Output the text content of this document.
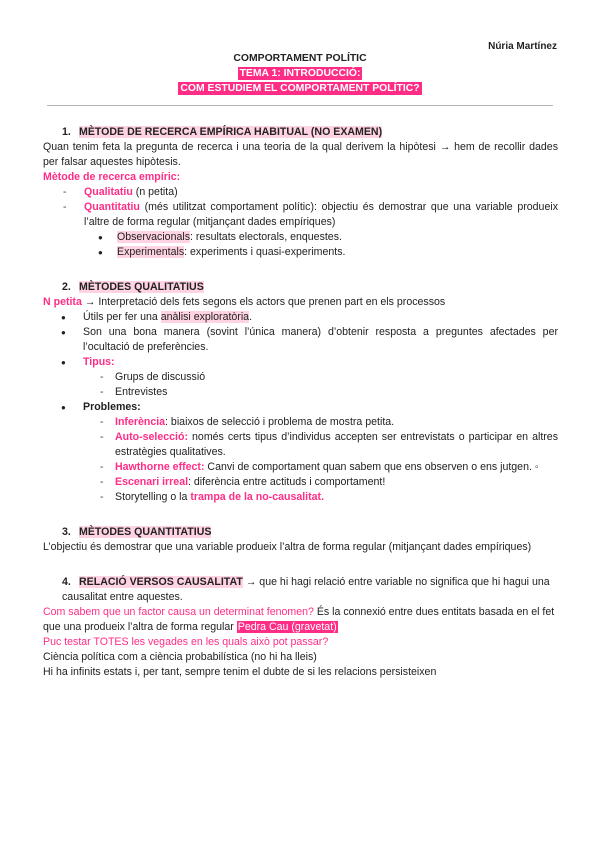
Núria Martínez
COMPORTAMENT POLÍTIC
TEMA 1: INTRODUCCIÓ:
COM ESTUDIEM EL COMPORTAMENT POLÍTIC?
1. MÈTODE DE RECERCA EMPÍRICA HABITUAL (NO EXAMEN)

Quan tenim feta la pregunta de recerca i una teoria de la qual derivem la hipòtesi → hem de recollir dades per falsar aquestes hipòtesis.

Mètode de recerca empíric:
- Qualitatiu (n petita)
- Quantitatiu (més utilitzat comportament polític): objectiu és demostrar que una variable produeix l’altre de forma regular (mitjançant dades empíriques)
● Observacionals: resultats electorals, enquestes.
● Experimentals: experiments i quasi-experiments.
2. MÈTODES QUALITATIUS
N petita → Interpretació dels fets segons els actors que prenen part en els processos
● Útils per fer una anàlisi exploratòria.
● Son una bona manera (sovint l’única manera) d’obtenir resposta a preguntes afectades per l’ocultació de preferències.
● Tipus:
- Grups de discussió
- Entrevistes
● Problemes:
- Inferència: biaixos de selecció i problema de mostra petita.
- Auto-selecció: només certs tipus d’individus accepten ser entrevistats o participar en altres estratègies qualitatives.
- Hawthorne effect: Canvi de comportament quan sabem que ens observen o ens jutgen. ◦
- Escenari irreal: diferència entre actituds i comportament!
- Storytelling o la trampa de la no-causalitat.
3. MÈTODES QUANTITATIUS

L’objectiu és demostrar que una variable produeix l’altra de forma regular (mitjançant dades empíriques)

4. RELACIÓ VERSOS CAUSALITAT → que hi hagi relació entre variable no significa que hi hagui una causalitat entre aquestes.

Com sabem que un factor causa un determinat fenomen? És la connexió entre dues entitats basada en el fet que una produeix l’altra de forma regular Pedra Cau (gravetat)

Puc testar TOTES les vegades en les quals això pot passar?

Ciència política com a ciència probabilística (no hi ha lleis)

Hi ha infinits estats i, per tant, sempre tenim el dubte de si les relacions persisteixen
